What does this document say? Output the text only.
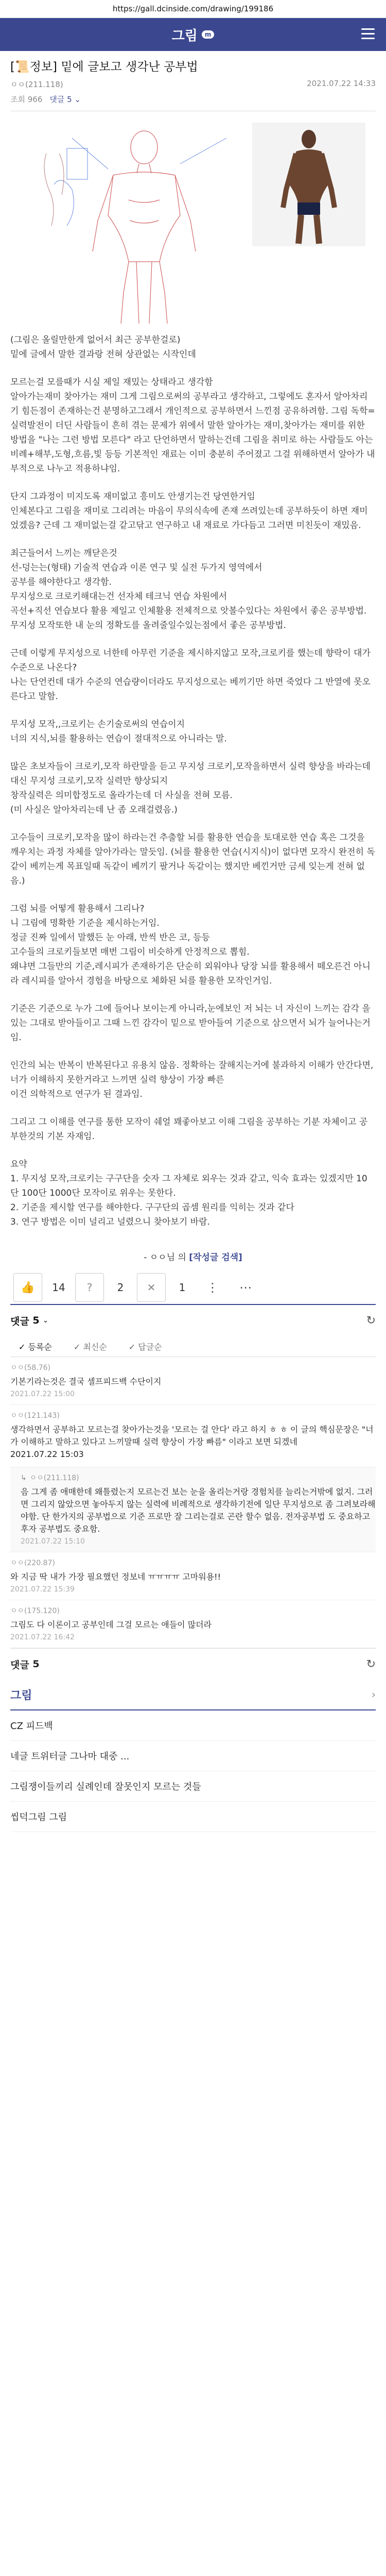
https://gall.dcinside.com/drawing/199186
그림	m
[📜정보] 밑에 글보고 생각난 공부법
ㅇㅇ(211.118)	2021.07.22 14:33
조회 966 댓글 5 ⌄

(그림은 올릴만한게 없어서 최근 공부한걸로)
밑에 글에서 말한 결과랑 전혀 상관없는 시작인데

모르는걸 모를때가 시실 제일 재밌는 상태라고 생각함
알아가는재미 찾아가는 재미 그게 그림으로써의 공부라고 생각하고, 그렇에도 혼자서 알아차리기 힘든점이 존재하는건 분명하고그래서 개인적으로 공부하면서 느낀점 공유하려함. 그림 독학=실력발전이 더딘 사람들이 흔히 겪는 문제가 위에서 말한 알아가는 재미,찾아가는 재미를 위한 방법을 "나는 그런 방법 모른다" 라고 단언하면서 말하는건데 그림을 취미로 하는 사람들도 아는 비례+해부,도형,흐름,빛 등등 기본적인 재료는 이미 충분히 주어졌고 그걸 위해하면서 알아가 내부적으로 나누고 적용하냐임.

단지 그과정이 미지도록 재미없고 흥미도 안생기는건 당연한거임
인체본다고 그림을 재미로 그리려는 마음이 무의식속에 존재 쓰려있는데 공부하듯이 하면 재미었겠음? 근데 그 재미없는걸 같고닦고 연구하고 내 재료로 가다듬고 그러면 미친듯이 재밌음.

최근들어서 느끼는 깨닫은것
선-덩는는(형태) 기술적 연습과 이론 연구 및 실전 두가지 영역에서
공부를 해야한다고 생각함.
무지성으로 크로키해대는건 선자체 테크닉 연습 차원에서
곡선+직선 연습보다 활용 제일고 인체활용 전체적으로 앗볼수있다는 차원에서 좋은 공부방법. 무지성 모작또한 내 눈의 정확도를 올려줄일수있는점에서 좋은 공부방법.

근데 이렇게 무지성으로 너한테 아무런 기준을 제시하지않고 모작,크로키를 했는데 향락이 대가 수준으로 나온다?
나는 단언컨데 대가 수준의 연습량이더라도 무지성으로는 베끼기만 하면 죽었다 그 반열에 못오른다고 말함.

무지성 모작,,크로키는 손기술로써의 연습이지
너의 지식,뇌를 활용하는 연습이 절대적으로 아니라는 말.

많은 초보자들이 크로키,모작 하란말을 듣고 무지성 크로키,모작을하면서 실력 향상을 바라는데 대신 무지성 크로키,모작 실력만 향상되지
창작실력은 의미합정도로 올라가는데 더 사실을 전혀 모름.
(미 사실은 알아차리는데 난 좀 오래걸렸음.)

고수들이 크로키,모작을 많이 하라는건 추출할 뇌를 활용한 연습을 토대로한 연습 혹은 그것을 깨우치는 과정 자체를 알아가라는 말듯임. (뇌를 활용한 연습(시지식)이 없다면 모작시 완전히 독같이 베끼는게 목표일때 독같이 베끼기 팔거나 독같이는 했지만 베낀거만 금세 잊는게 전혀 없음.)

그럼 뇌를 어떻게 활용해서 그리나?
니 그림에 명확한 기준을 제시하는거임.
정글 진짜 일에서 말했든 눈 아래, 반씩 반은 코, 등등
고수들의 크로키들보면 매번 그림이 비슷하게 안정적으로 뽑힘.
왜냐면 그들만의 기준,레시피가 존재하기은 단순히 외워야나 당장 뇌를 활용해서 떼오른건 아니라 레시피를 알아서 경험을 바탕으로 체화된 뇌를 활용한 모작인거임.

기준은 기준으로 누가 그에 들어나 보이는게 아니라,눈에보인 저 뇌는 너 자신이 느끼는 감각 을 있는 그대로 받아들이고 그때 느낀 감각이 밑으로 받아들여 기준으로 삼으면서 뇌가 늘어나는거임.

인간의 뇌는 반복이 반복된다고 유용치 않음. 정확하는 잘해지는거에 불과하지 이해가 안간다면,
너가 이해하지 못한거라고 느끼면 실력 향상이 가장 빠른
이건 의학적으로 연구가 된 결과임.

그리고 그 이해를 연구를 통한 모작이 쉐얼 꽤좋아보고 이해 그림을 공부하는 기분 자체이고 공부한것의 기본 자재임.

요약
1. 무지성 모작,크로키는 구구단을 숫자 그 자체로 외우는 것과 같고, 익숙 효과는 있겠지만 10단 100단 1000단 모작이로 위우는 못한다.
2. 기준을 제시할 연구를 해야한다. 구구단의 곱셈 원리를 익히는 것과 같다
3. 연구 방법은 이미 널리고 널렸으니 찾아보기 바람.

- ㅇㅇ님 의 [작성글 검색]
👍	14	?	2	✕	1	⋮ ⋯
댓글
5 ⌄	↻
✓ 등록순	✓ 최신순	✓ 답글순
ㅇㅇ(58.76)
기본기라는것은 결국 셀프피드백 수단이지
2021.07.22 15:00
ㅇㅇ(121.143)
생각하면서 공부하고 모르는걸 찾아가는것을 '모르는 걸 안다' 라고 하지 ㅎ ㅎ 이 글의 핵심문장은 "너가 이해하고 말하고 있다고 느끼말때 실력 향상이 가장 빠름" 이라고 보면 되겠네
2021.07.22 15:03
↳ ㅇㅇ(211.118)
음 그게 좀 애매한데 왜틀렸는지 모르는건 보는 눈을 올리는거랑 경험치를 늘리는거밖에 없지. 그러면 그리지 않았으면 놓아두지 않는 실력에 비례적으로 생각하기전에 일단 무지성으로 좀 그려보라해야함. 단 한가지의 공부법으로 기준 프로만 잘 그리는걸로 곤란 할수 없음. 전자공부법 도 중요하고 후자 공부법도 중요함.
2021.07.22 15:10
ㅇㅇ(220.87)
와 지금 딱 내가 가장 필요했던 정보네 ㅠㅠㅠㅠ 고마워용!!
2021.07.22 15:39
ㅇㅇ(175.120)
그림도 다 이론이고 공부인데 그걸 모르는 애들이 많더라
2021.07.22 16:42
댓글
5	↻
그림	›
CZ 피드백
네글 트위터글 그나마 대중 ...
그림쟁이들끼리 실례인데 잘못인지 모르는 것들
씹덕그림 그림
